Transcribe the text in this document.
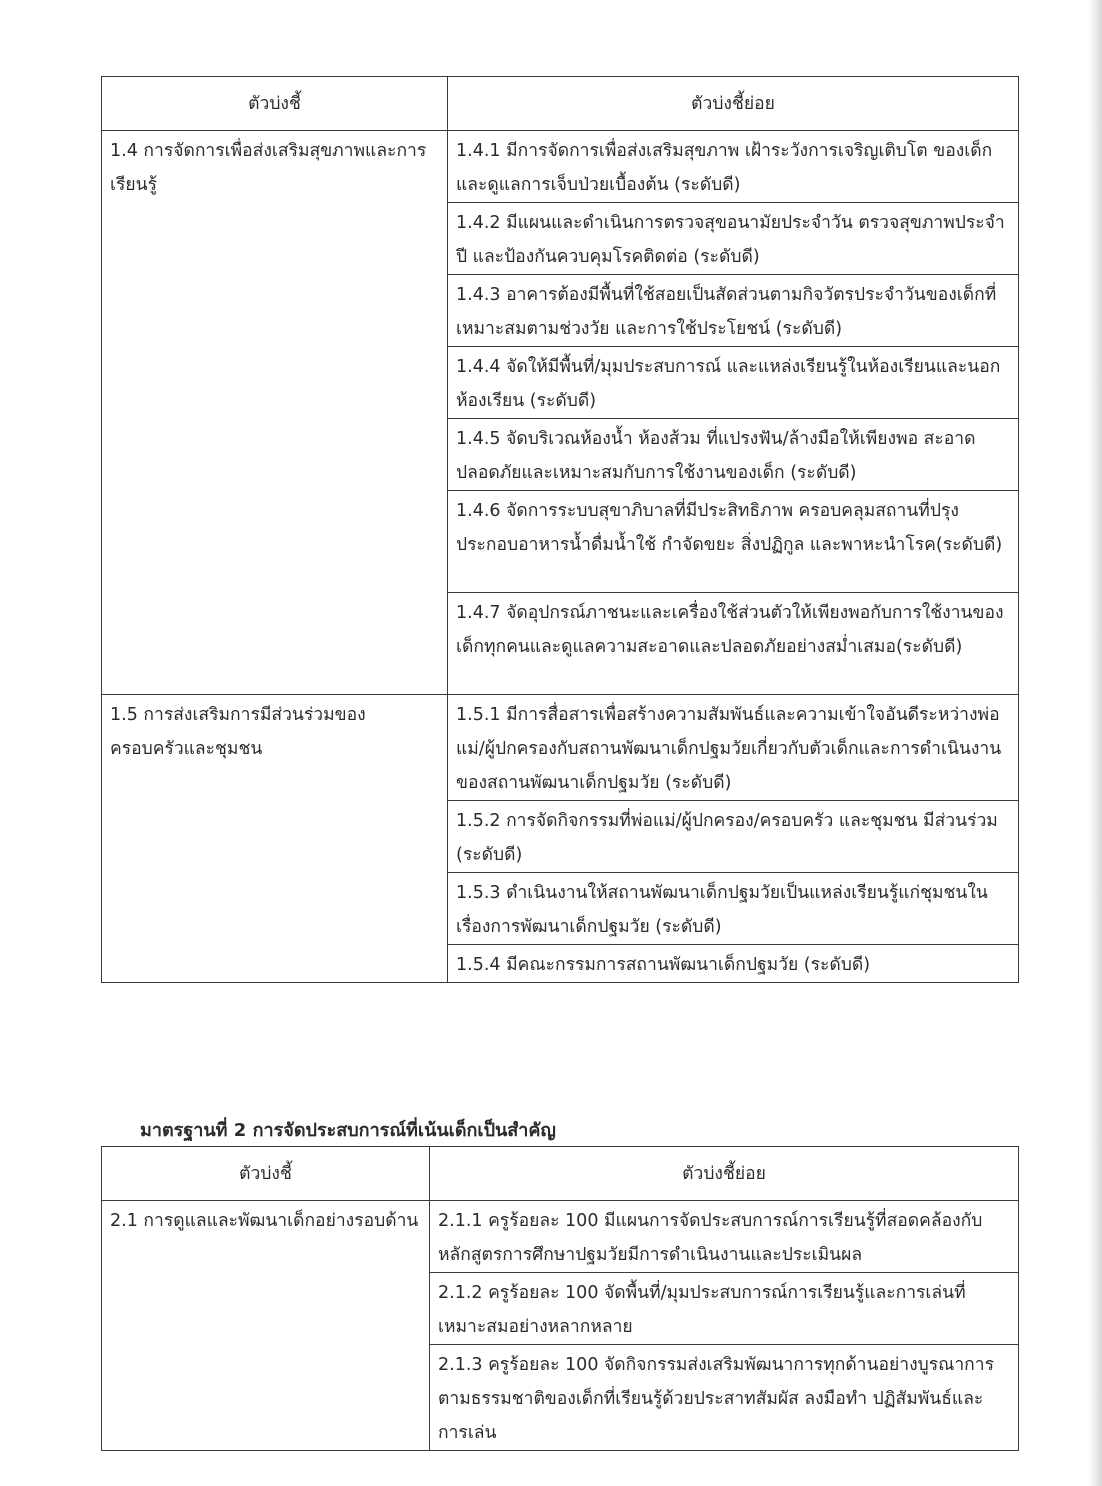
ตัวบ่งชี้	ตัวบ่งชี้ย่อย

1.4 การจัดการเพื่อส่งเสริมสุขภาพและการเรียนรู้	1.4.1 มีการจัดการเพื่อส่งเสริมสุขภาพ เฝ้าระวังการเจริญเติบโต ของเด็กและดูแลการเจ็บป่วยเบื้องต้น (ระดับดี)

	1.4.2 มีแผนและดำเนินการตรวจสุขอนามัยประจำวัน ตรวจสุขภาพประจำปี และป้องกันควบคุมโรคติดต่อ (ระดับดี)

	1.4.3 อาคารต้องมีพื้นที่ใช้สอยเป็นสัดส่วนตามกิจวัตรประจำวันของเด็กที่เหมาะสมตามช่วงวัย และการใช้ประโยชน์ (ระดับดี)

	1.4.4 จัดให้มีพื้นที่/มุมประสบการณ์ และแหล่งเรียนรู้ในห้องเรียนและนอกห้องเรียน (ระดับดี)

	1.4.5 จัดบริเวณห้องน้ำ ห้องส้วม ที่แปรงฟัน/ล้างมือให้เพียงพอ สะอาดปลอดภัยและเหมาะสมกับการใช้งานของเด็ก (ระดับดี)

	1.4.6 จัดการระบบสุขาภิบาลที่มีประสิทธิภาพ ครอบคลุมสถานที่ปรุงประกอบอาหารน้ำดื่มน้ำใช้ กำจัดขยะ สิ่งปฏิกูล และพาหะนำโรค(ระดับดี)

	1.4.7 จัดอุปกรณ์ภาชนะและเครื่องใช้ส่วนตัวให้เพียงพอกับการใช้งานของเด็กทุกคนและดูแลความสะอาดและปลอดภัยอย่างสม่ำเสมอ(ระดับดี)

1.5 การส่งเสริมการมีส่วนร่วมของครอบครัวและชุมชน	1.5.1 มีการสื่อสารเพื่อสร้างความสัมพันธ์และความเข้าใจอันดีระหว่างพ่อแม่/ผู้ปกครองกับสถานพัฒนาเด็กปฐมวัยเกี่ยวกับตัวเด็กและการดำเนินงานของสถานพัฒนาเด็กปฐมวัย (ระดับดี)

	1.5.2 การจัดกิจกรรมที่พ่อแม่/ผู้ปกครอง/ครอบครัว และชุมชน มีส่วนร่วม (ระดับดี)

	1.5.3 ดำเนินงานให้สถานพัฒนาเด็กปฐมวัยเป็นแหล่งเรียนรู้แก่ชุมชนในเรื่องการพัฒนาเด็กปฐมวัย (ระดับดี)

	1.5.4 มีคณะกรรมการสถานพัฒนาเด็กปฐมวัย (ระดับดี)
มาตรฐานที่ 2 การจัดประสบการณ์ที่เน้นเด็กเป็นสำคัญ
ตัวบ่งชี้	ตัวบ่งชี้ย่อย

2.1 การดูแลและพัฒนาเด็กอย่างรอบด้าน	2.1.1 ครูร้อยละ 100 มีแผนการจัดประสบการณ์การเรียนรู้ที่สอดคล้องกับหลักสูตรการศึกษาปฐมวัยมีการดำเนินงานและประเมินผล

	2.1.2 ครูร้อยละ 100 จัดพื้นที่/มุมประสบการณ์การเรียนรู้และการเล่นที่เหมาะสมอย่างหลากหลาย

	2.1.3 ครูร้อยละ 100 จัดกิจกรรมส่งเสริมพัฒนาการทุกด้านอย่างบูรณาการตามธรรมชาติของเด็กที่เรียนรู้ด้วยประสาทสัมผัส ลงมือทำ ปฏิสัมพันธ์และการเล่น
